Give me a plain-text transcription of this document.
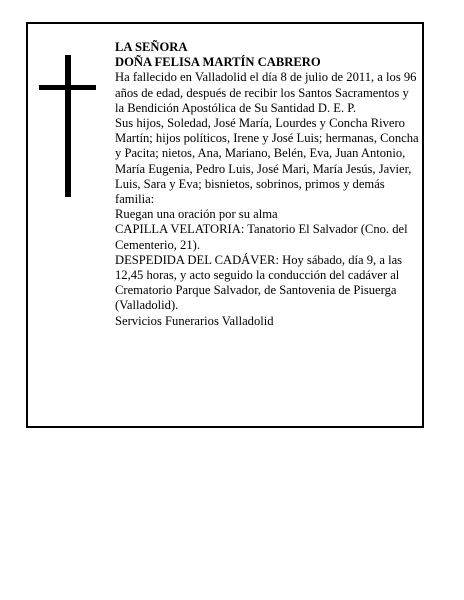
LA SEÑORA

DOÑA FELISA MARTÍN CABRERO

Ha fallecido en Valladolid el día 8 de julio de 2011, a los 96 años de edad, después de recibir los Santos Sacramentos y la Bendición Apostólica de Su Santidad D. E. P.

Sus hijos, Soledad, José María, Lourdes y Concha Rivero Martín; hijos políticos, Irene y José Luis; hermanas, Concha y Pacita; nietos, Ana, Mariano, Belén, Eva, Juan Antonio, María Eugenia, Pedro Luis, José Mari, María Jesús, Javier, Luis, Sara y Eva; bisnietos, sobrinos, primos y demás familia:

Ruegan una oración por su alma

CAPILLA VELATORIA: Tanatorio El Salvador (Cno. del Cementerio, 21).

DESPEDIDA DEL CADÁVER: Hoy sábado, día 9, a las 12,45 horas, y acto seguido la conducción del cadáver al Crematorio Parque Salvador, de Santovenia de Pisuerga (Valladolid).

Servicios Funerarios Valladolid
